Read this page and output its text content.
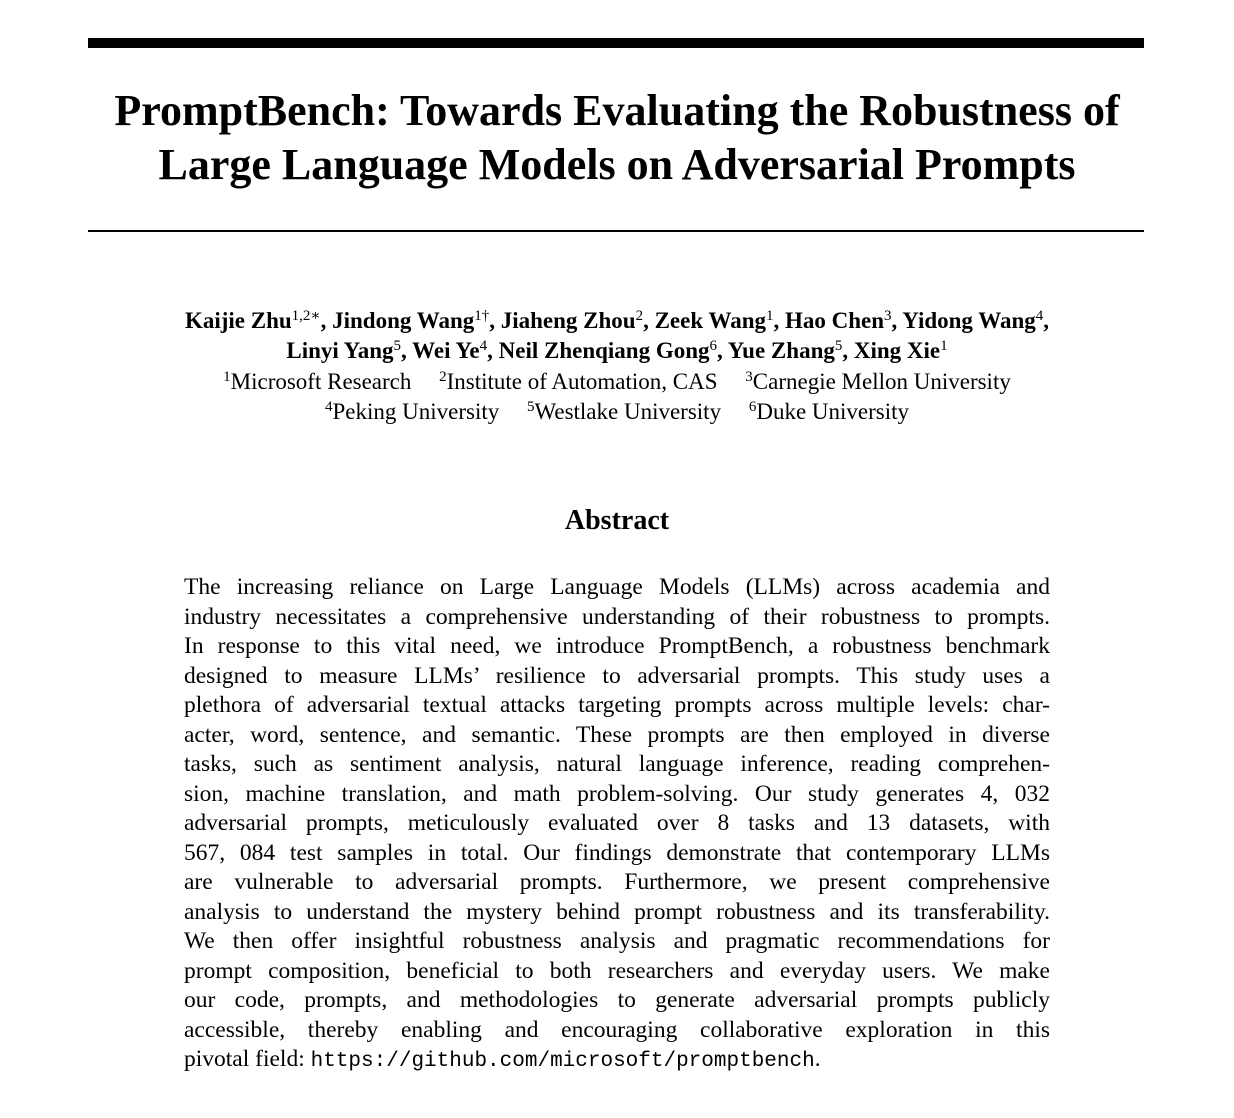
PromptBench: Towards Evaluating the Robustness of
Large Language Models on Adversarial Prompts
Kaijie Zhu$^{1,2∗}$, Jindong Wang$^{1\dagger}$, Jiaheng Zhou$^2$, Zeek Wang$^1$, Hao Chen$^3$, Yidong Wang$^4$,
Linyi Yang$^5$, Wei Ye$^4$, Neil Zhenqiang Gong$^6$, Yue Zhang$^5$, Xing Xie$^1$
$^1$Microsoft Research $^2$Institute of Automation, CAS $^3$Carnegie Mellon University
$^4$Peking University $^5$Westlake University $^6$Duke University
Abstract
The increasing reliance on Large Language Models (LLMs) across academia and
industry necessitates a comprehensive understanding of their robustness to prompts.
In response to this vital need, we introduce PromptBench, a robustness benchmark
designed to measure LLMs’ resilience to adversarial prompts. This study uses a
plethora of adversarial textual attacks targeting prompts across multiple levels: char-
acter, word, sentence, and semantic. These prompts are then employed in diverse
tasks, such as sentiment analysis, natural language inference, reading comprehen-
sion, machine translation, and math problem-solving. Our study generates 4, 032
adversarial prompts, meticulously evaluated over 8 tasks and 13 datasets, with
567, 084 test samples in total. Our findings demonstrate that contemporary LLMs
are vulnerable to adversarial prompts. Furthermore, we present comprehensive
analysis to understand the mystery behind prompt robustness and its transferability.
We then offer insightful robustness analysis and pragmatic recommendations for
prompt composition, beneficial to both researchers and everyday users. We make
our code, prompts, and methodologies to generate adversarial prompts publicly
accessible, thereby enabling and encouraging collaborative exploration in this
pivotal field: https://github.com/microsoft/promptbench.
